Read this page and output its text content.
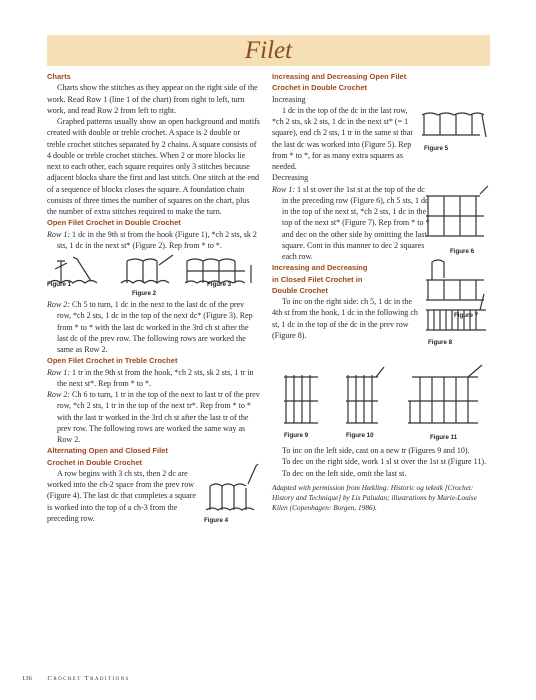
Filet

Charts

Charts show the stitches as they appear on the right side of the work. Read Row 1 (line 1 of the chart) from right to left, turn work, and read Row 2 from left to right.

Graphed patterns usually show an open background and motifs created with double or treble crochet. A space is 2 double or treble crochet stitches separated by 2 chains. A square consists of 4 double or treble crochet stitches. When 2 or more blocks lie next to each other, each square requires only 3 stitches because adjacent blocks share the first and last stitch. One stitch at the end of a sequence of blocks closes the square. A foundation chain consists of three times the number of squares on the chart, plus the number of extra stitches required to make the turn.

Open Filet Crochet in Double Crochet

Row 1: 1 dc in the 9th st from the hook (Figure 1), *ch 2 sts, sk 2 sts, 1 dc in the next st* (Figure 2). Rep from * to *.

Figure 1
Figure 2
Figure 3

Row 2: Ch 5 to turn, 1 dc in the next to the last dc of the prev row, *ch 2 sts, 1 dc in the top of the next dc* (Figure 3). Rep from * to * with the last dc worked in the 3rd ch st after the last dc of the prev row. The following rows are worked the same as Row 2.

Open Filet Crochet in Treble Crochet

Row 1: 1 tr in the 9th st from the hook, *ch 2 sts, sk 2 sts, 1 tr in the next st*. Rep from * to *.

Row 2: Ch 6 to turn, 1 tr in the top of the next to last tr of the prev row, *ch 2 sts, 1 tr in the top of the next tr*. Rep from * to * with the last tr worked in the 3rd ch st after the last tr of the prev row. The following rows are worked the same way as Row 2.

Alternating Open and Closed Filet

Crochet in Double Crochet

A row begins with 3 ch sts, then 2 dc are worked into the ch-2 space from the prev row (Figure 4). The last dc that completes a square is worked into the top of a ch-3 from the preceding row.	Figure 4

Increasing and Decreasing Open Filet

Crochet in Double Crochet

Increasing

1 dc in the top of the dc in the last row, *ch 2 sts, sk 2 sts, 1 dc in the next st* (= 1 square), end ch 2 sts, 1 tr in the same st that the last dc was worked into (Figure 5). Rep from * to *, for as many extra squares as needed.

Figure 5

Decreasing

Row 1: 1 sl st over the 1st st at the top of the dc in the preceding row (Figure 6), ch 5 sts, 1 dc in the top of the next st, *ch 2 sts, 1 dc in the top of the next st* (Figure 7). Rep from * to * and dec on the other side by omitting the last square. Cont in this manner to dec 2 squares each row.

Figure 6
Figure 7

Increasing and Decreasing

in Closed Filet Crochet in

Double Crochet

To inc on the right side: ch 5, 1 dc in the 4th st from the hook, 1 dc in the following ch st, 1 dc in the top of the dc in the prev row (Figure 8).

Figure 8
Figure 9	Figure 10	Figure 11

To inc on the left side, cast on a new tr (Figures 9 and 10).

To dec on the right side, work 1 sl st over the 1st st (Figure 11).

To dec on the left side, omit the last st.

Adapted with permission from Hækling: Historic og teknik [Crochet: History and Technique] by Lis Paludan; illustrations by Marie-Louise Kilen (Copenhagen: Borgen, 1986).

136 Crochet Traditions
